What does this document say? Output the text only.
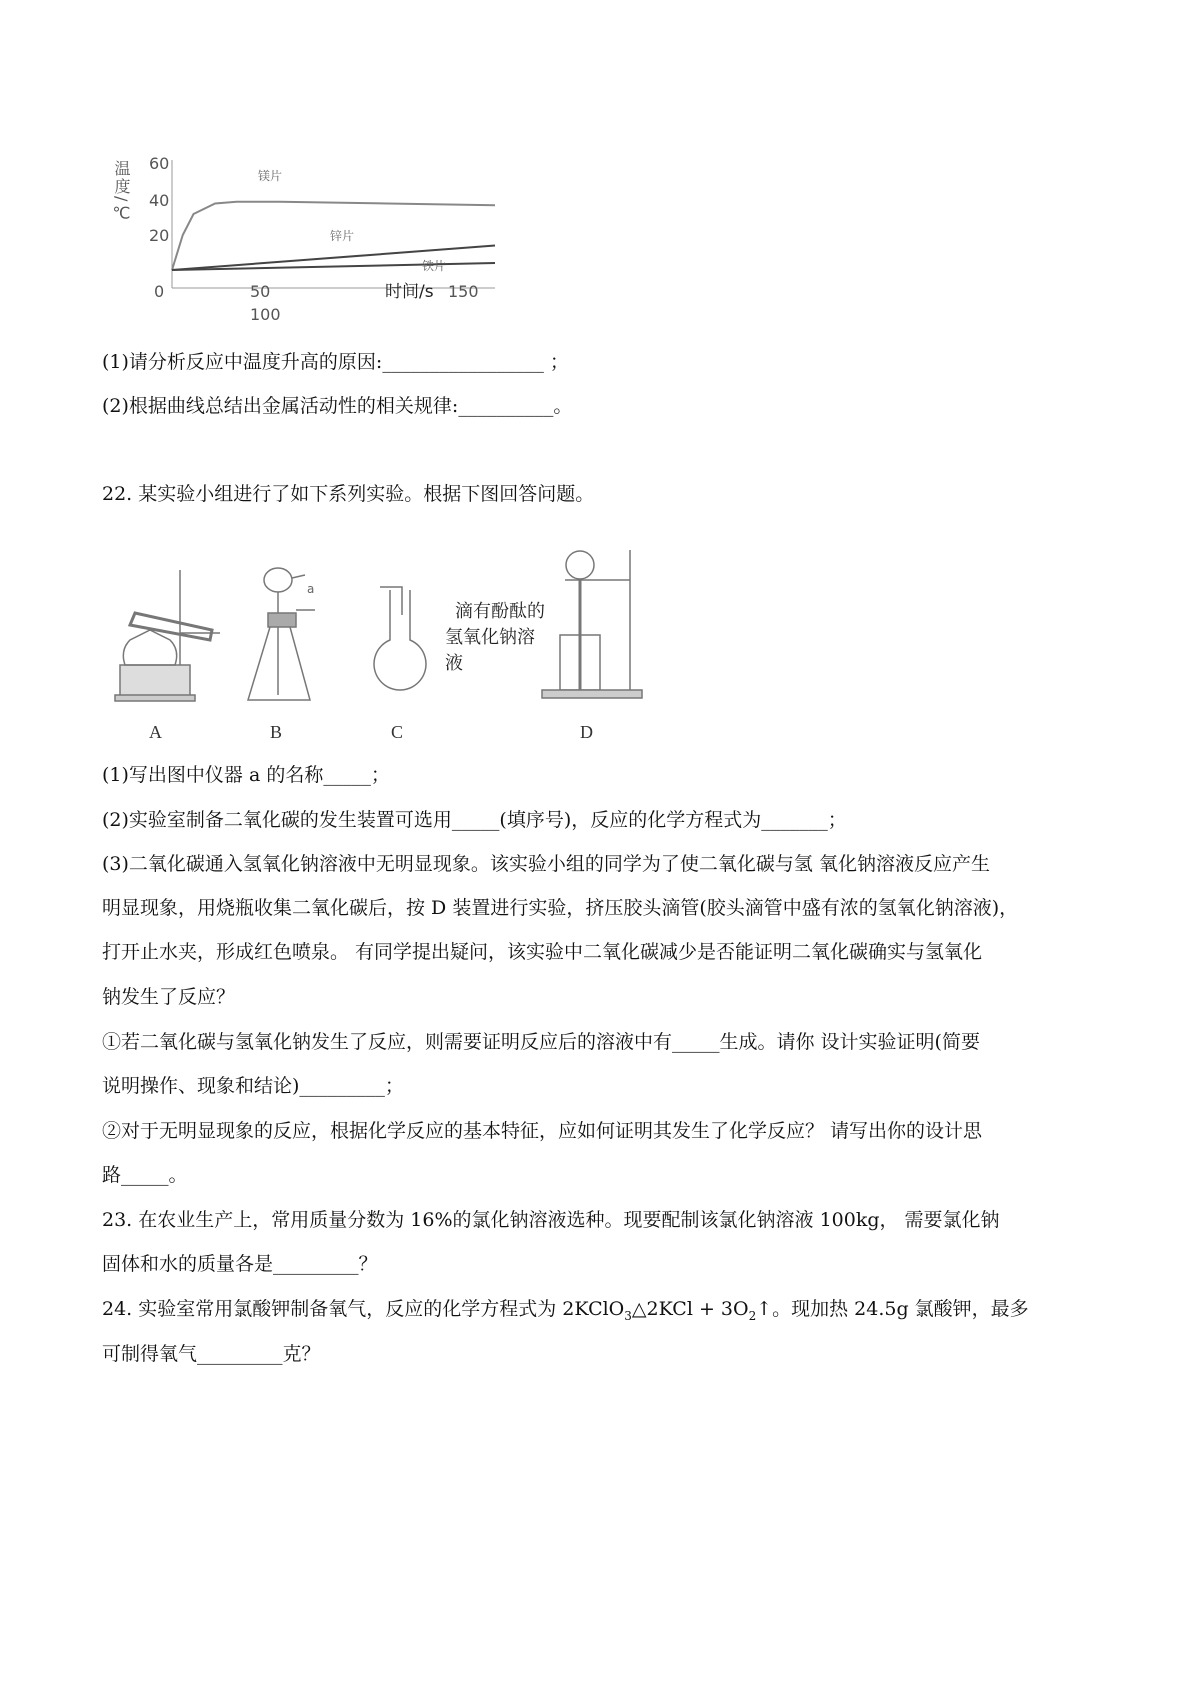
60
40
20
0	50
100
时间/s 150
镁片
锌片
铁片
温度/℃
(1)请分析反应中温度升高的原因:_________________ ；
(2)根据曲线总结出金属活动性的相关规律:__________。
22. 某实验小组进行了如下系列实验。根据下图回答问题。
a
滴有酚酞的 氢氧化钠溶 液
A	B	C	D
(1)写出图中仪器 a 的名称_____；
(2)实验室制备二氧化碳的发生装置可选用_____(填序号)，反应的化学方程式为_______；
(3)二氧化碳通入氢氧化钠溶液中无明显现象。该实验小组的同学为了使二氧化碳与氢 氧化钠溶液反应产生
明显现象，用烧瓶收集二氧化碳后，按 D 装置进行实验，挤压胶头滴管(胶头滴管中盛有浓的氢氧化钠溶液)，
打开止水夹，形成红色喷泉。 有同学提出疑问，该实验中二氧化碳减少是否能证明二氧化碳确实与氢氧化
钠发生了反应？
①若二氧化碳与氢氧化钠发生了反应，则需要证明反应后的溶液中有_____生成。请你 设计实验证明(简要
说明操作、现象和结论)_________；
②对于无明显现象的反应，根据化学反应的基本特征，应如何证明其发生了化学反应？ 请写出你的设计思
路_____。
23. 在农业生产上，常用质量分数为 16%的氯化钠溶液选种。现要配制该氯化钠溶液 100kg， 需要氯化钠
固体和水的质量各是_________？
24. 实验室常用氯酸钾制备氧气，反应的化学方程式为 2KClO$_3$△2KCl + $3O_2↑$。现加热 24.5g 氯酸钾，最多
可制得氧气_________克？
